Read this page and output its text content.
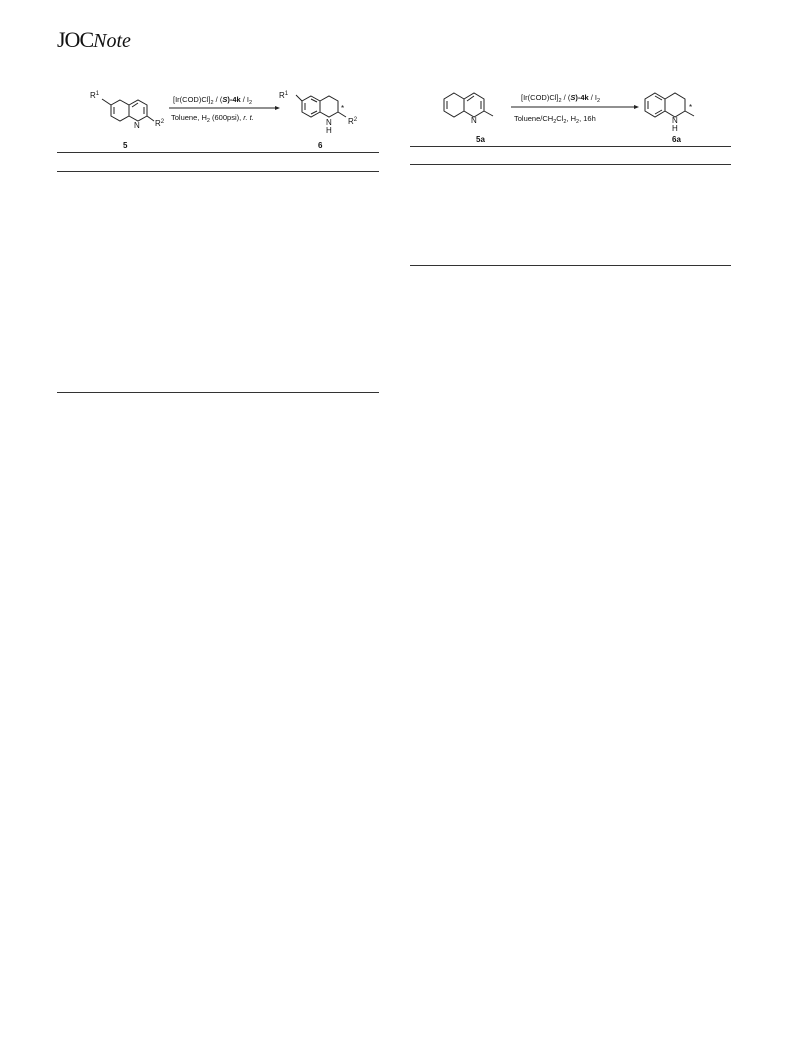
JOCNote
$R^1$
N $R^2$
5
$[Ir(COD)Cl]_2 / (S)-4k / I_2$
Toluene, $H_2$ (600psi), r. t.
$R^1$
N
H
*
$R^2$
6
N
5a
$[Ir(COD)Cl]_2 / (S)-4k / I_2$
Toluene/$CH_2Cl_2$, $H_2$, 16h	N
H
*
6a
